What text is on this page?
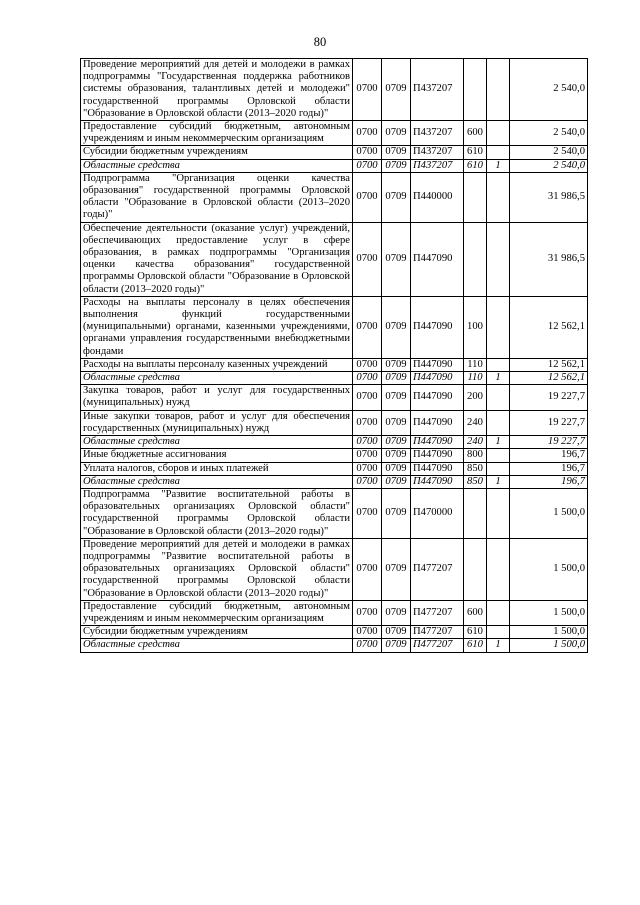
80
Проведение мероприятий для детей и молодежи в рамках подпрограммы "Государственная поддержка работников системы образования, талантливых детей и молодежи" государственной программы Орловской области "Образование в Орловской области (2013–2020 годы)"	0700	0709	П437207			2 540,0
Предоставление субсидий бюджетным, автономным учреждениям и иным некоммерческим организациям	0700	0709	П437207	600		2 540,0
Субсидии бюджетным учреждениям	0700	0709	П437207	610		2 540,0
Областные средства	0700	0709	П437207	610	1	2 540,0
Подпрограмма "Организация оценки качества образования" государственной программы Орловской области "Образование в Орловской области (2013–2020 годы)"	0700	0709	П440000			31 986,5
Обеспечение деятельности (оказание услуг) учреждений, обеспечивающих предоставление услуг в сфере образования, в рамках подпрограммы "Организация оценки качества образования" государственной программы Орловской области "Образование в Орловской области (2013–2020 годы)"	0700	0709	П447090			31 986,5
Расходы на выплаты персоналу в целях обеспечения выполнения функций государственными (муниципальными) органами, казенными учреждениями, органами управления государственными внебюджетными фондами	0700	0709	П447090	100		12 562,1
Расходы на выплаты персоналу казенных учреждений	0700	0709	П447090	110		12 562,1
Областные средства	0700	0709	П447090	110	1	12 562,1
Закупка товаров, работ и услуг для государственных (муниципальных) нужд	0700	0709	П447090	200		19 227,7
Иные закупки товаров, работ и услуг для обеспечения государственных (муниципальных) нужд	0700	0709	П447090	240		19 227,7
Областные средства	0700	0709	П447090	240	1	19 227,7
Иные бюджетные ассигнования	0700	0709	П447090	800		196,7
Уплата налогов, сборов и иных платежей	0700	0709	П447090	850		196,7
Областные средства	0700	0709	П447090	850	1	196,7
Подпрограмма "Развитие воспитательной работы в образовательных организациях Орловской области" государственной программы Орловской области "Образование в Орловской области (2013–2020 годы)"	0700	0709	П470000			1 500,0
Проведение мероприятий для детей и молодежи в рамках подпрограммы "Развитие воспитательной работы в образовательных организациях Орловской области" государственной программы Орловской области "Образование в Орловской области (2013–2020 годы)"	0700	0709	П477207			1 500,0
Предоставление субсидий бюджетным, автономным учреждениям и иным некоммерческим организациям	0700	0709	П477207	600		1 500,0
Субсидии бюджетным учреждениям	0700	0709	П477207	610		1 500,0
Областные средства	0700	0709	П477207	610	1	1 500,0
